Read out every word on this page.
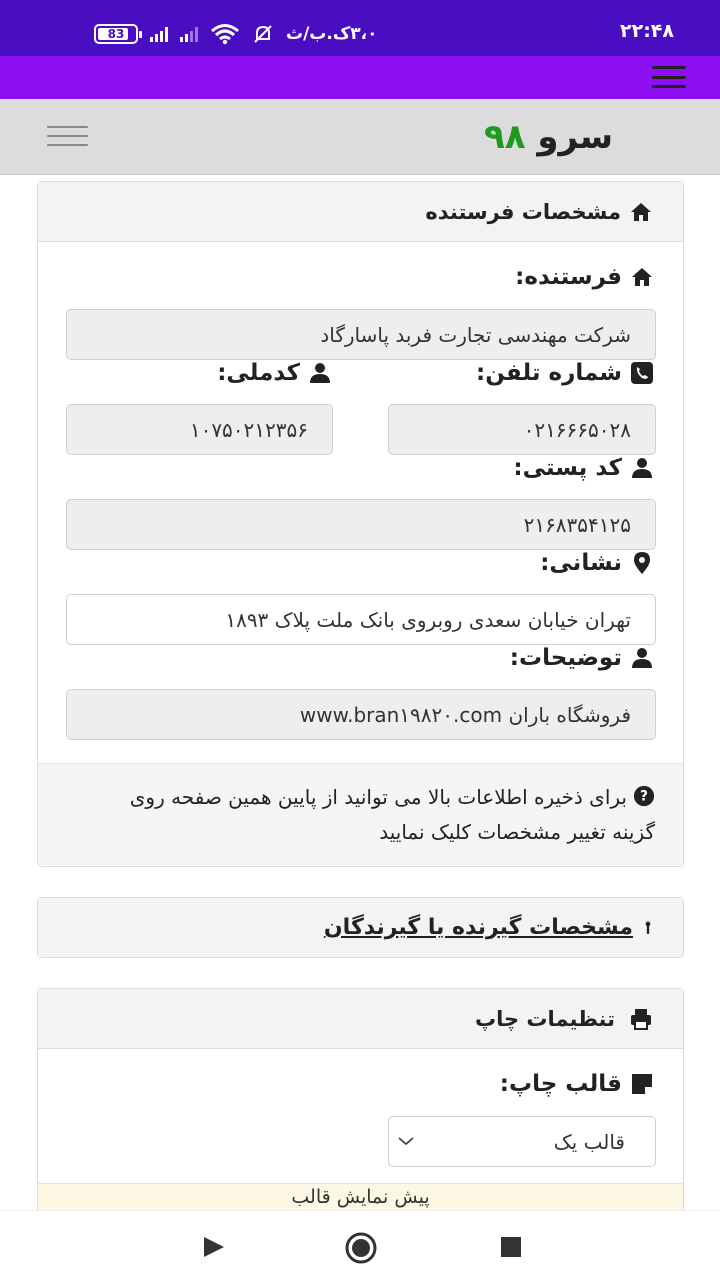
83	۳،۰ک.ب/ث	۲۲:۴۸
سرو ۹۸
مشخصات فرستنده
فرستنده:
شرکت مهندسی تجارت فربد پاسارگاد
شماره تلفن:
کدملی:
۰۲۱۶۶۶۵۰۲۸
۱۰۷۵۰۲۱۲۳۵۶
کد پستی:
۲۱۶۸۳۵۴۱۲۵
نشانی:
تهران خیابان سعدی روبروی بانک ملت پلاک ۱۸۹۳
توضیحات:
فروشگاه باران www.bran۱۹۸۲۰.com
?
برای ذخیره اطلاعات بالا می توانید از پایین همین صفحه روی گزینه تغییر مشخصات کلیک نمایید
مشخصات گیرنده یا گیرندگان
تنظیمات چاپ
قالب چاپ:
قالب یک
پیش نمایش قالب
